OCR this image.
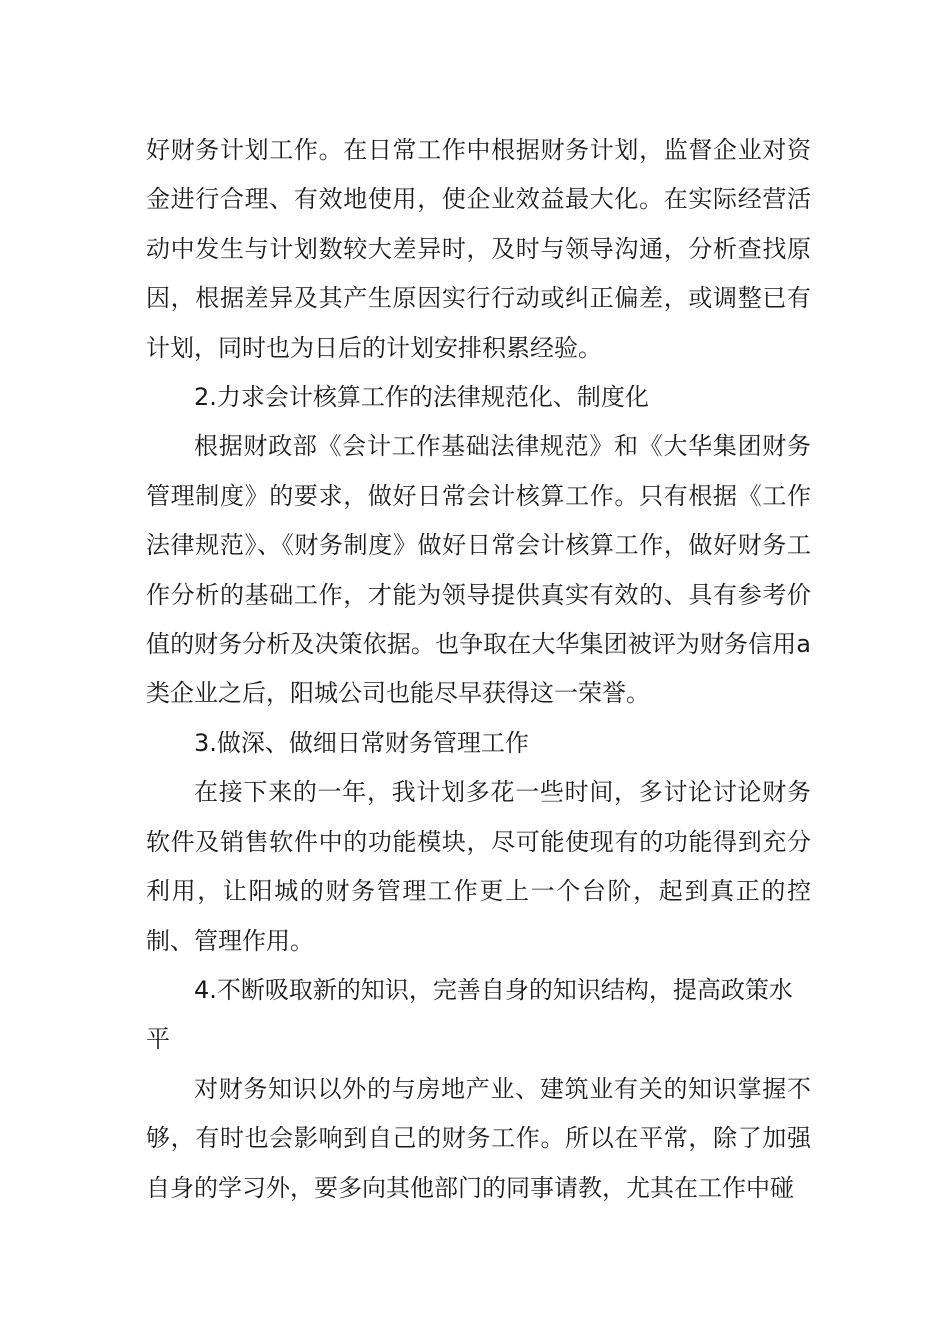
好财务计划工作。在日常工作中根据财务计划，监督企业对资金进行合理、有效地使用，使企业效益最大化。在实际经营活动中发生与计划数较大差异时，及时与领导沟通，分析查找原因，根据差异及其产生原因实行行动或纠正偏差，或调整已有计划，同时也为日后的计划安排积累经验。

2.力求会计核算工作的法律规范化、制度化

根据财政部《会计工作基础法律规范》和《大华集团财务管理制度》的要求，做好日常会计核算工作。只有根据《工作法律规范》、《财务制度》做好日常会计核算工作，做好财务工作分析的基础工作，才能为领导提供真实有效的、具有参考价值的财务分析及决策依据。也争取在大华集团被评为财务信用a类企业之后，阳城公司也能尽早获得这一荣誉。

3.做深、做细日常财务管理工作

在接下来的一年，我计划多花一些时间，多讨论讨论财务软件及销售软件中的功能模块，尽可能使现有的功能得到充分利用，让阳城的财务管理工作更上一个台阶，起到真正的控制、管理作用。

4.不断吸取新的知识，完善自身的知识结构，提高政策水平

对财务知识以外的与房地产业、建筑业有关的知识掌握不够，有时也会影响到自己的财务工作。所以在平常，除了加强自身的学习外，要多向其他部门的同事请教，尤其在工作中碰
